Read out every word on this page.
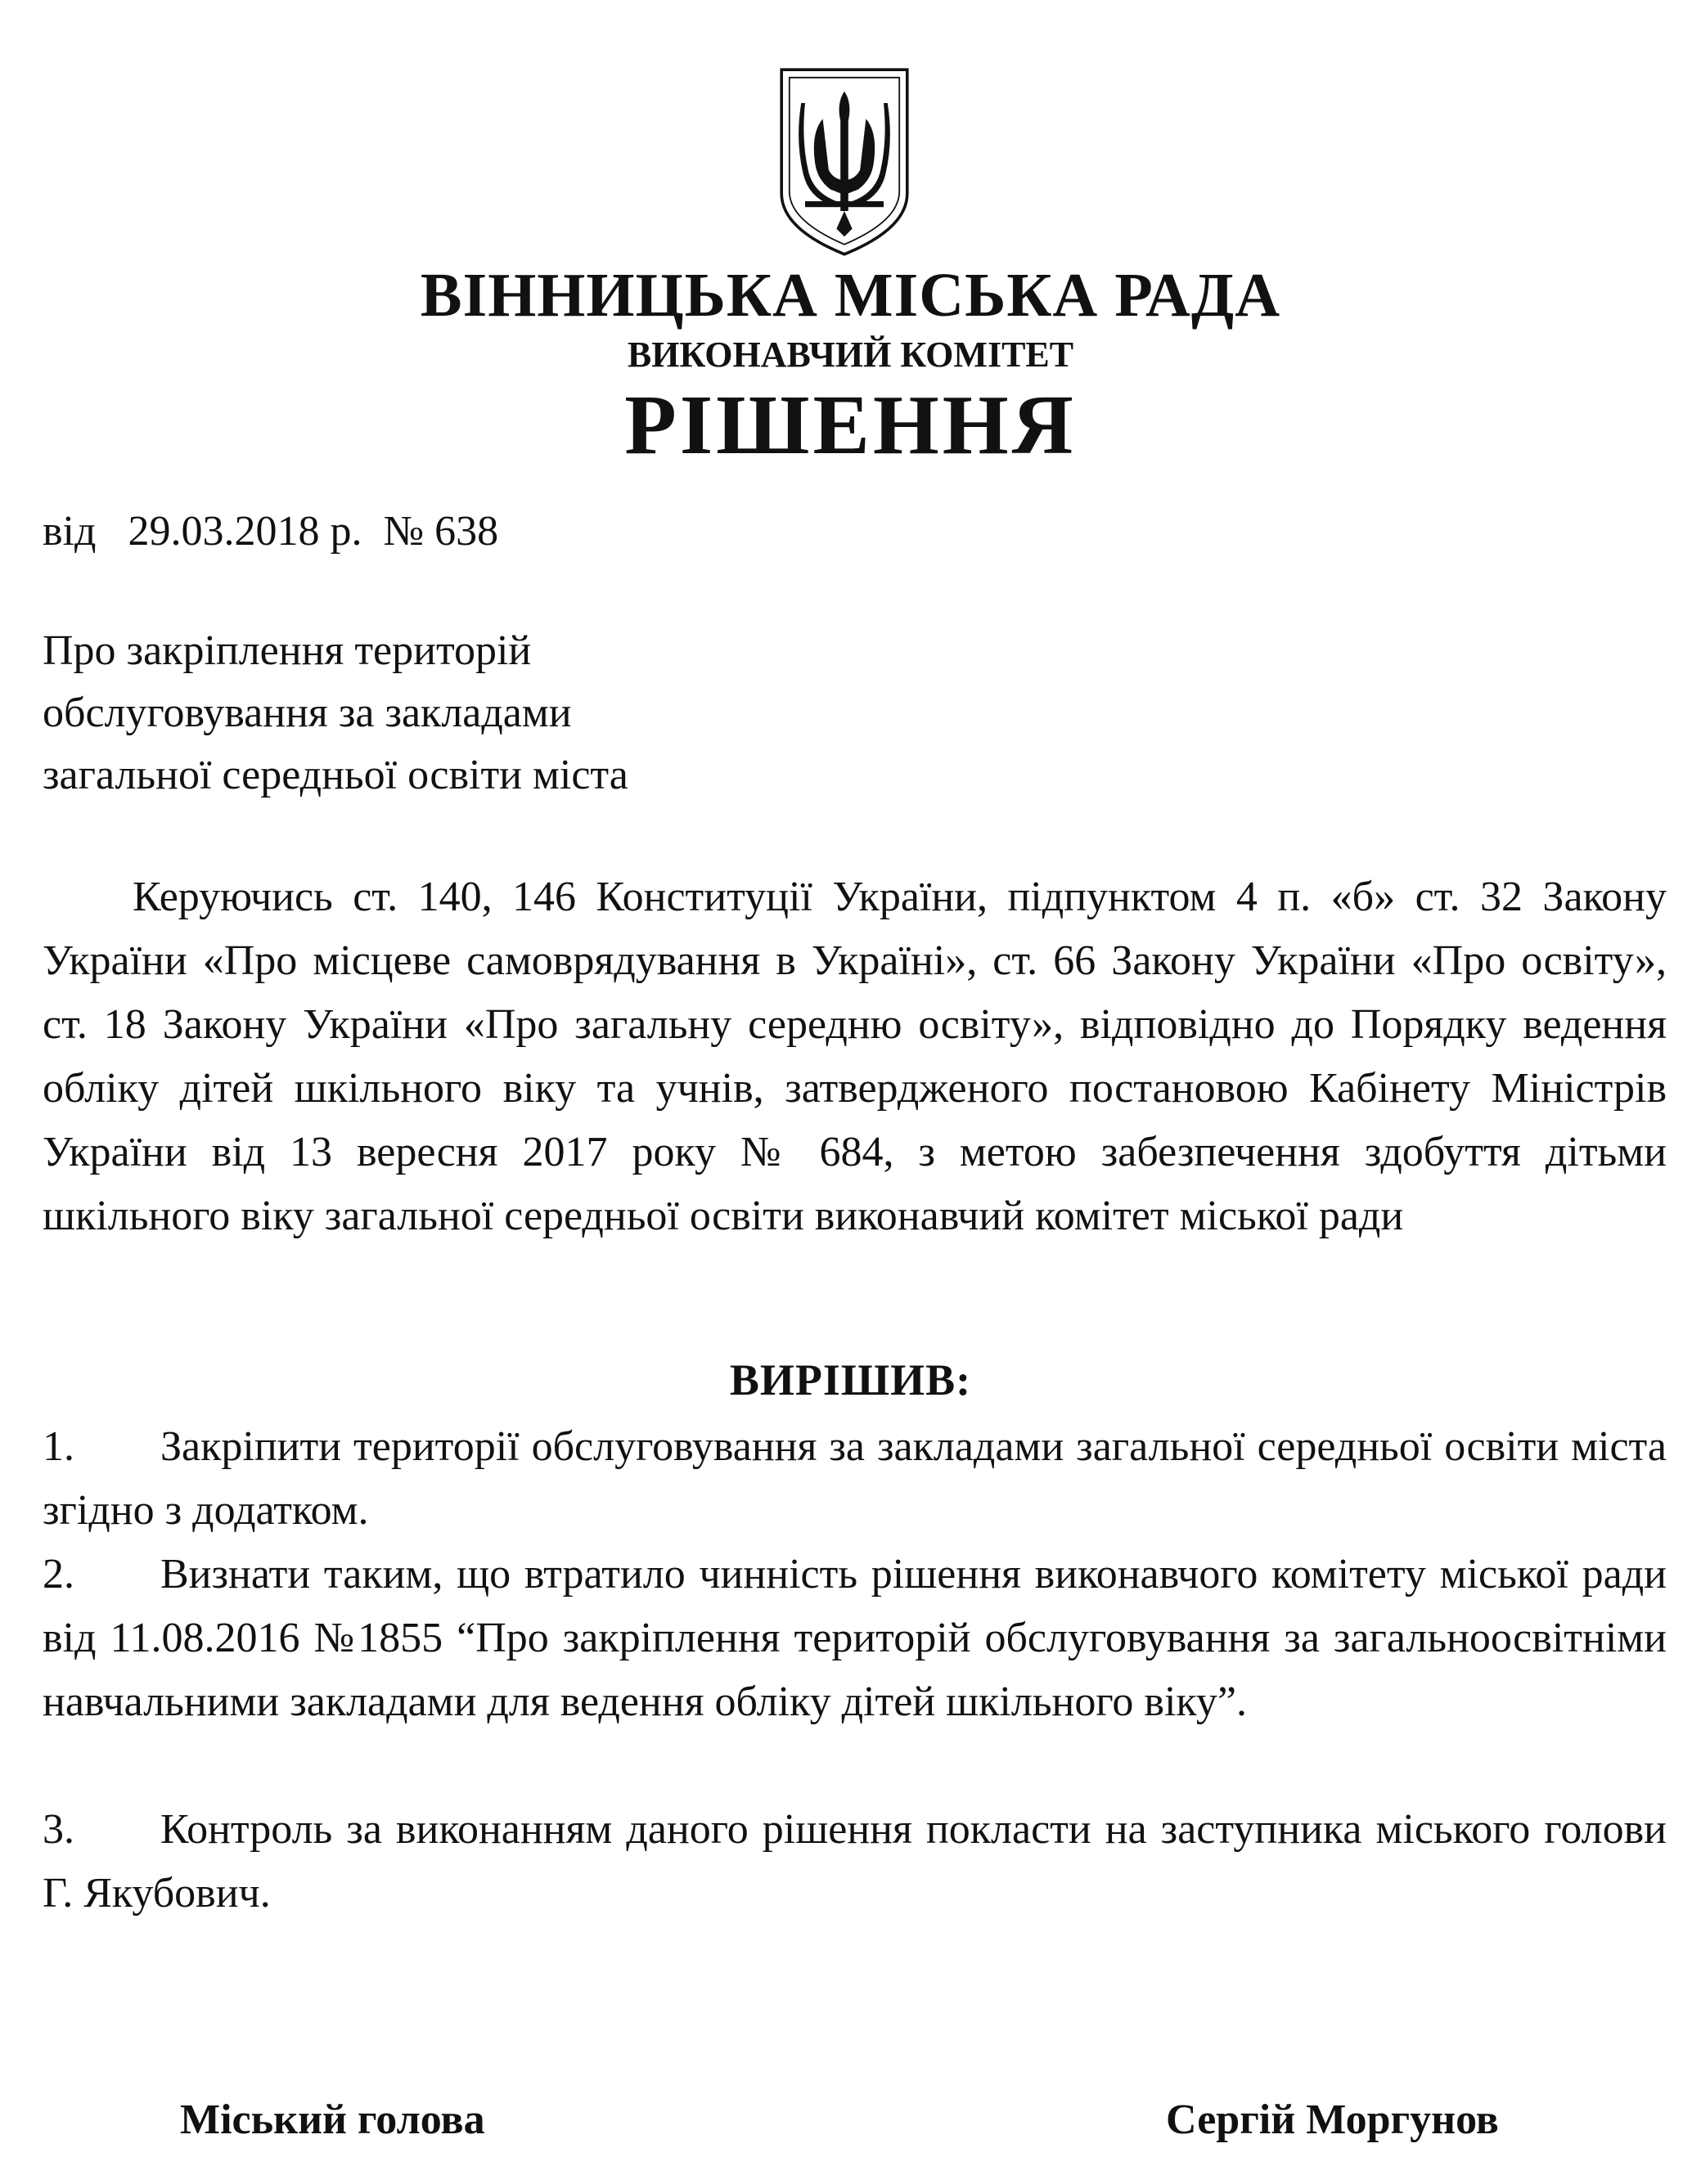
ВІННИЦЬКА МІСЬКА РАДА
ВИКОНАВЧИЙ КОМІТЕТ
РІШЕННЯ
від 29.03.2018 р. № 638
Про закріплення територій
обслуговування за закладами
загальної середньої освіти міста
Керуючись ст. 140, 146 Конституції України, підпунктом 4 п. «б» ст. 32 Закону України «Про місцеве самоврядування в Україні», ст. 66 Закону України «Про освіту», ст. 18 Закону України «Про загальну середню освіту», відповідно до Порядку ведення обліку дітей шкільного віку та учнів, затвердженого постановою Кабінету Міністрів України від 13 вересня 2017 року № 684, з метою забезпечення здобуття дітьми шкільного віку загальної середньої освіти виконавчий комітет міської ради
ВИРІШИВ:
1. Закріпити території обслуговування за закладами загальної середньої освіти міста згідно з додатком.
2. Визнати таким, що втратило чинність рішення виконавчого комітету міської ради від 11.08.2016 №1855 “Про закріплення територій обслуговування за загальноосвітніми навчальними закладами для ведення обліку дітей шкільного віку”.
3. Контроль за виконанням даного рішення покласти на заступника міського голови Г. Якубович.
Міський голова	Сергій Моргунов
